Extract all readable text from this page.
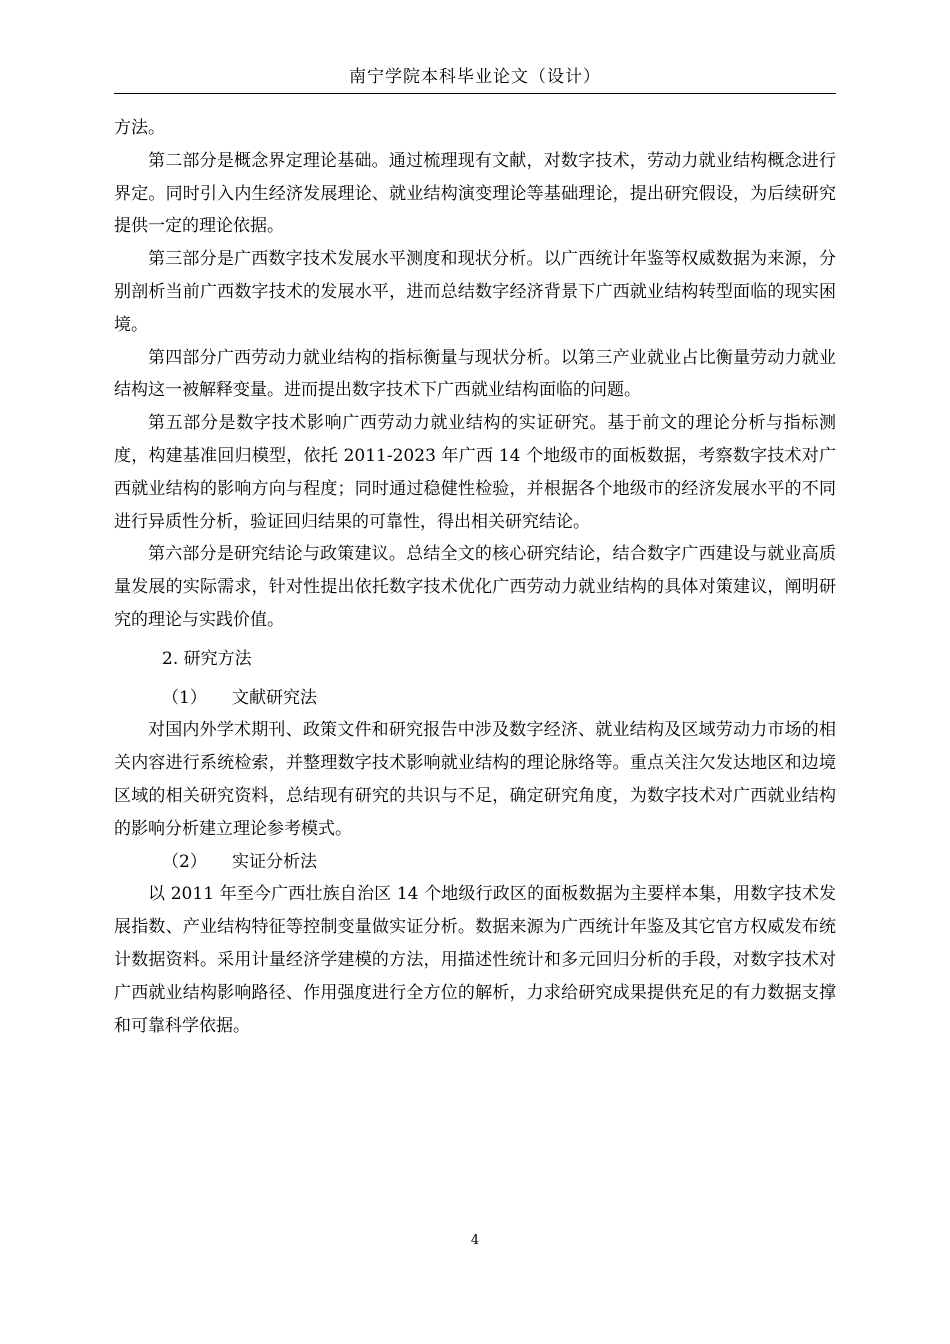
南宁学院本科毕业论文（设计）

方法。

第二部分是概念界定理论基础。通过梳理现有文献，对数字技术，劳动力就业结构概念进行界定。同时引入内生经济发展理论、就业结构演变理论等基础理论，提出研究假设，为后续研究提供一定的理论依据。

第三部分是广西数字技术发展水平测度和现状分析。以广西统计年鉴等权威数据为来源，分别剖析当前广西数字技术的发展水平，进而总结数字经济背景下广西就业结构转型面临的现实困境。

第四部分广西劳动力就业结构的指标衡量与现状分析。以第三产业就业占比衡量劳动力就业结构这一被解释变量。进而提出数字技术下广西就业结构面临的问题。

第五部分是数字技术影响广西劳动力就业结构的实证研究。基于前文的理论分析与指标测度，构建基准回归模型，依托 2011-2023 年广西 14 个地级市的面板数据，考察数字技术对广西就业结构的影响方向与程度；同时通过稳健性检验，并根据各个地级市的经济发展水平的不同进行异质性分析，验证回归结果的可靠性，得出相关研究结论。

第六部分是研究结论与政策建议。总结全文的核心研究结论，结合数字广西建设与就业高质量发展的实际需求，针对性提出依托数字技术优化广西劳动力就业结构的具体对策建议，阐明研究的理论与实践价值。

2. 研究方法

（1） 文献研究法

对国内外学术期刊、政策文件和研究报告中涉及数字经济、就业结构及区域劳动力市场的相关内容进行系统检索，并整理数字技术影响就业结构的理论脉络等。重点关注欠发达地区和边境区域的相关研究资料，总结现有研究的共识与不足，确定研究角度，为数字技术对广西就业结构的影响分析建立理论参考模式。

（2） 实证分析法

以 2011 年至今广西壮族自治区 14 个地级行政区的面板数据为主要样本集，用数字技术发展指数、产业结构特征等控制变量做实证分析。数据来源为广西统计年鉴及其它官方权威发布统计数据资料。采用计量经济学建模的方法，用描述性统计和多元回归分析的手段，对数字技术对广西就业结构影响路径、作用强度进行全方位的解析，力求给研究成果提供充足的有力数据支撑和可靠科学依据。

4
